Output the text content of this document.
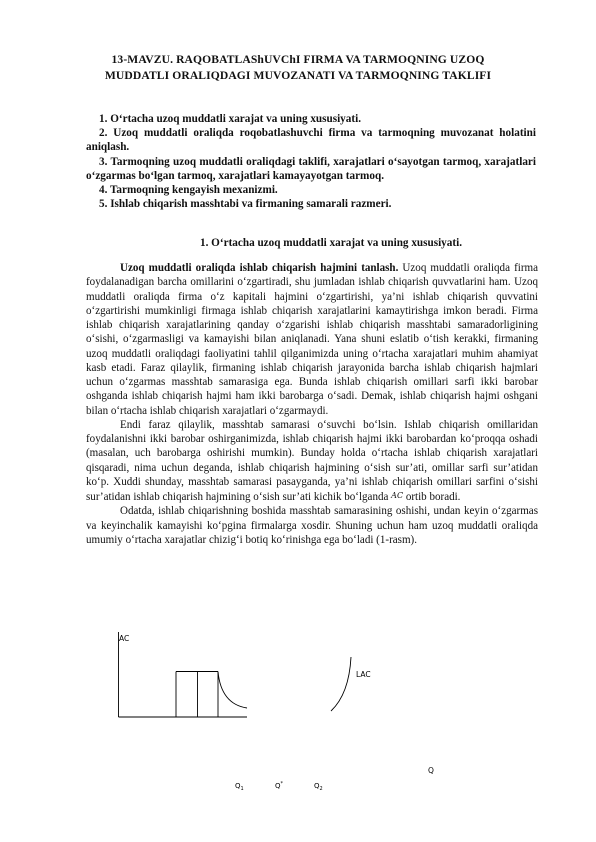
13-MAVZU. RAQOBATLAShUVChI FIRMA VA TARMOQNING UZOQ
MUDDATLI ORALIQDAGI MUVOZANATI VA TARMOQNING TAKLIFI
1. O‘rtacha uzoq muddatli xarajat va uning xususiyati.
2. Uzoq muddatli oraliqda roqobatlashuvchi firma va tarmoqning muvozanat holatini aniqlash.
3. Tarmoqning uzoq muddatli oraliqdagi taklifi, xarajatlari o‘sayotgan tarmoq, xarajatlari o‘zgarmas bo‘lgan tarmoq, xarajatlari kamayayotgan tarmoq.
4. Tarmoqning kengayish mexanizmi.
5. Ishlab chiqarish masshtabi va firmaning samarali razmeri.
1. O‘rtacha uzoq muddatli xarajat va uning xususiyati.

Uzoq muddatli oraliqda ishlab chiqarish hajmini tanlash. Uzoq muddatli oraliqda firma foydalanadigan barcha omillarini o‘zgartiradi, shu jumladan ishlab chiqarish quvvatlarini ham. Uzoq muddatli oraliqda firma o‘z kapitali hajmini o‘zgartirishi, ya’ni ishlab chiqarish quvvatini o‘zgartirishi mumkinligi firmaga ishlab chiqarish xarajatlarini kamaytirishga imkon beradi. Firma ishlab chiqarish xarajatlarining qanday o‘zgarishi ishlab chiqarish masshtabi samaradorligining o‘sishi, o‘zgarmasligi va kamayishi bilan aniqlanadi. Yana shuni eslatib o‘tish kerakki, firmaning uzoq muddatli oraliqdagi faoliyatini tahlil qilganimizda uning o‘rtacha xarajatlari muhim ahamiyat kasb etadi. Faraz qilaylik, firmaning ishlab chiqarish jarayonida barcha ishlab chiqarish hajmlari uchun o‘zgarmas masshtab samarasiga ega. Bunda ishlab chiqarish omillari sarfi ikki barobar oshganda ishlab chiqarish hajmi ham ikki barobarga o‘sadi. Demak, ishlab chiqarish hajmi oshgani bilan o‘rtacha ishlab chiqarish xarajatlari o‘zgarmaydi.

Endi faraz qilaylik, masshtab samarasi o‘suvchi bo‘lsin. Ishlab chiqarish omillaridan foydalanishni ikki barobar oshirganimizda, ishlab chiqarish hajmi ikki barobardan ko‘proqqa oshadi (masalan, uch barobarga oshirishi mumkin). Bunday holda o‘rtacha ishlab chiqarish xarajatlari qisqaradi, nima uchun deganda, ishlab chiqarish hajmining o‘sish sur’ati, omillar sarfi sur’atidan ko‘p. Xuddi shunday, masshtab samarasi pasayganda, ya’ni ishlab chiqarish omillari sarfini o‘sishi sur’atidan ishlab chiqarish hajmining o‘sish sur’ati kichik bo‘lganda AC ortib boradi.

Odatda, ishlab chiqarishning boshida masshtab samarasining oshishi, undan keyin o‘zgarmas va keyinchalik kamayishi ko‘pgina firmalarga xosdir. Shuning uchun ham uzoq muddatli oraliqda umumiy o‘rtacha xarajatlar chizig‘i botiq ko‘rinishga ega bo‘ladi (1-rasm).

AC
LAC
Q
$Q_1$	Q*	$Q_2$
